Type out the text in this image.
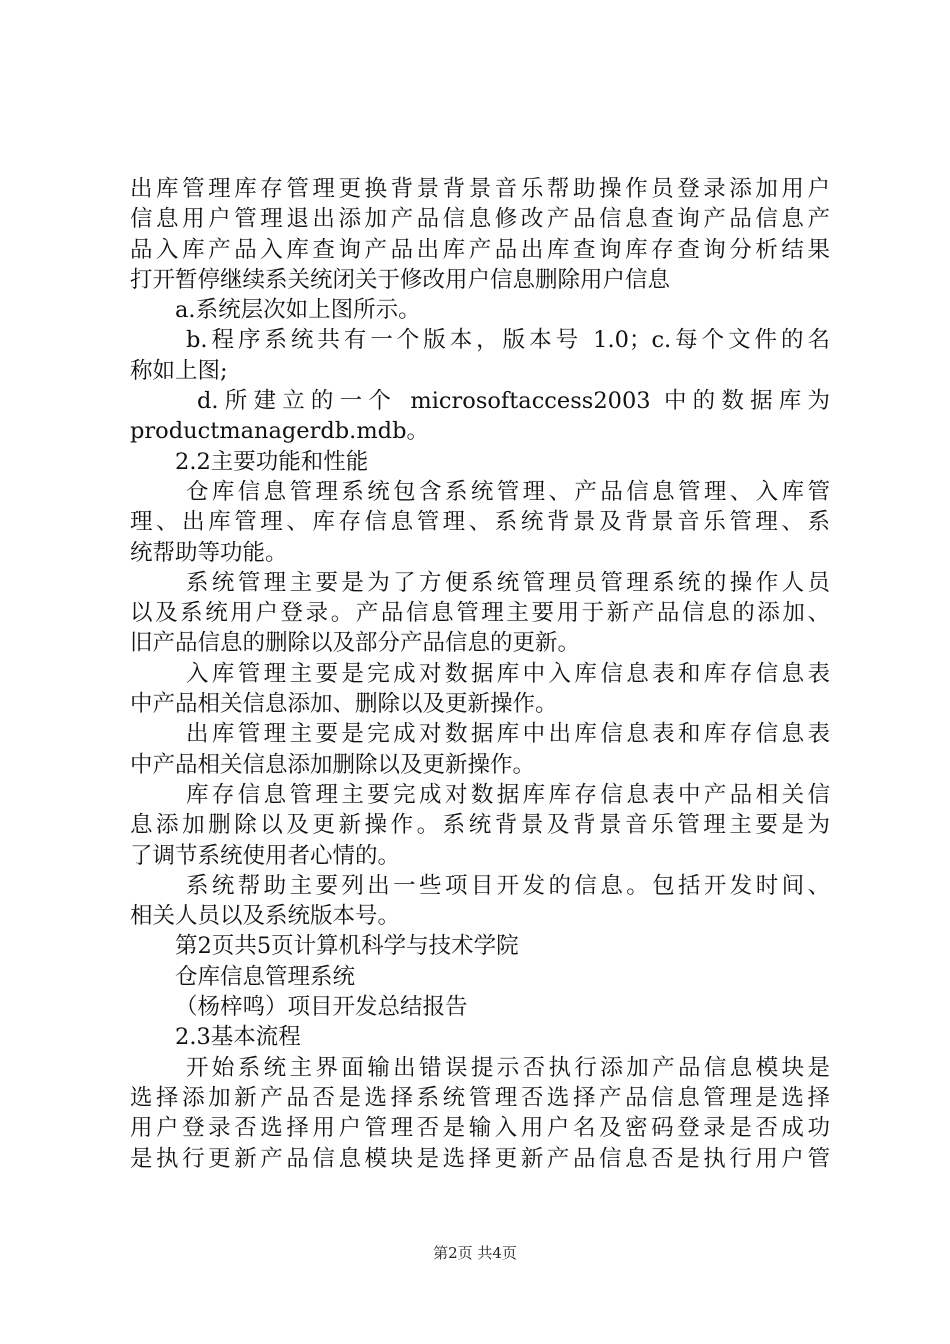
出库管理库存管理更换背景背景音乐帮助操作员登录添加用户
信息用户管理退出添加产品信息修改产品信息查询产品信息产
品入库产品入库查询产品出库产品出库查询库存查询分析结果
打开暂停继续系关统闭关于修改用户信息删除用户信息
a.系统层次如上图所示。
b.程序系统共有一个版本，版本号 1.0；c.每个文件的名
称如上图;
d.所建立的一个 microsoftaccess2003 中的数据库为
productmanagerdb.mdb。
2.2主要功能和性能
仓库信息管理系统包含系统管理、产品信息管理、入库管
理、出库管理、库存信息管理、系统背景及背景音乐管理、系
统帮助等功能。
系统管理主要是为了方便系统管理员管理系统的操作人员
以及系统用户登录。产品信息管理主要用于新产品信息的添加、
旧产品信息的删除以及部分产品信息的更新。
入库管理主要是完成对数据库中入库信息表和库存信息表
中产品相关信息添加、删除以及更新操作。
出库管理主要是完成对数据库中出库信息表和库存信息表
中产品相关信息添加删除以及更新操作。
库存信息管理主要完成对数据库库存信息表中产品相关信
息添加删除以及更新操作。系统背景及背景音乐管理主要是为
了调节系统使用者心情的。
系统帮助主要列出一些项目开发的信息。包括开发时间、
相关人员以及系统版本号。
第2页共5页计算机科学与技术学院
仓库信息管理系统
（杨梓鸣）项目开发总结报告
2.3基本流程
开始系统主界面输出错误提示否执行添加产品信息模块是
选择添加新产品否是选择系统管理否选择产品信息管理是选择
用户登录否选择用户管理否是输入用户名及密码登录是否成功
是执行更新产品信息模块是选择更新产品信息否是执行用户管
第2页 共4页
